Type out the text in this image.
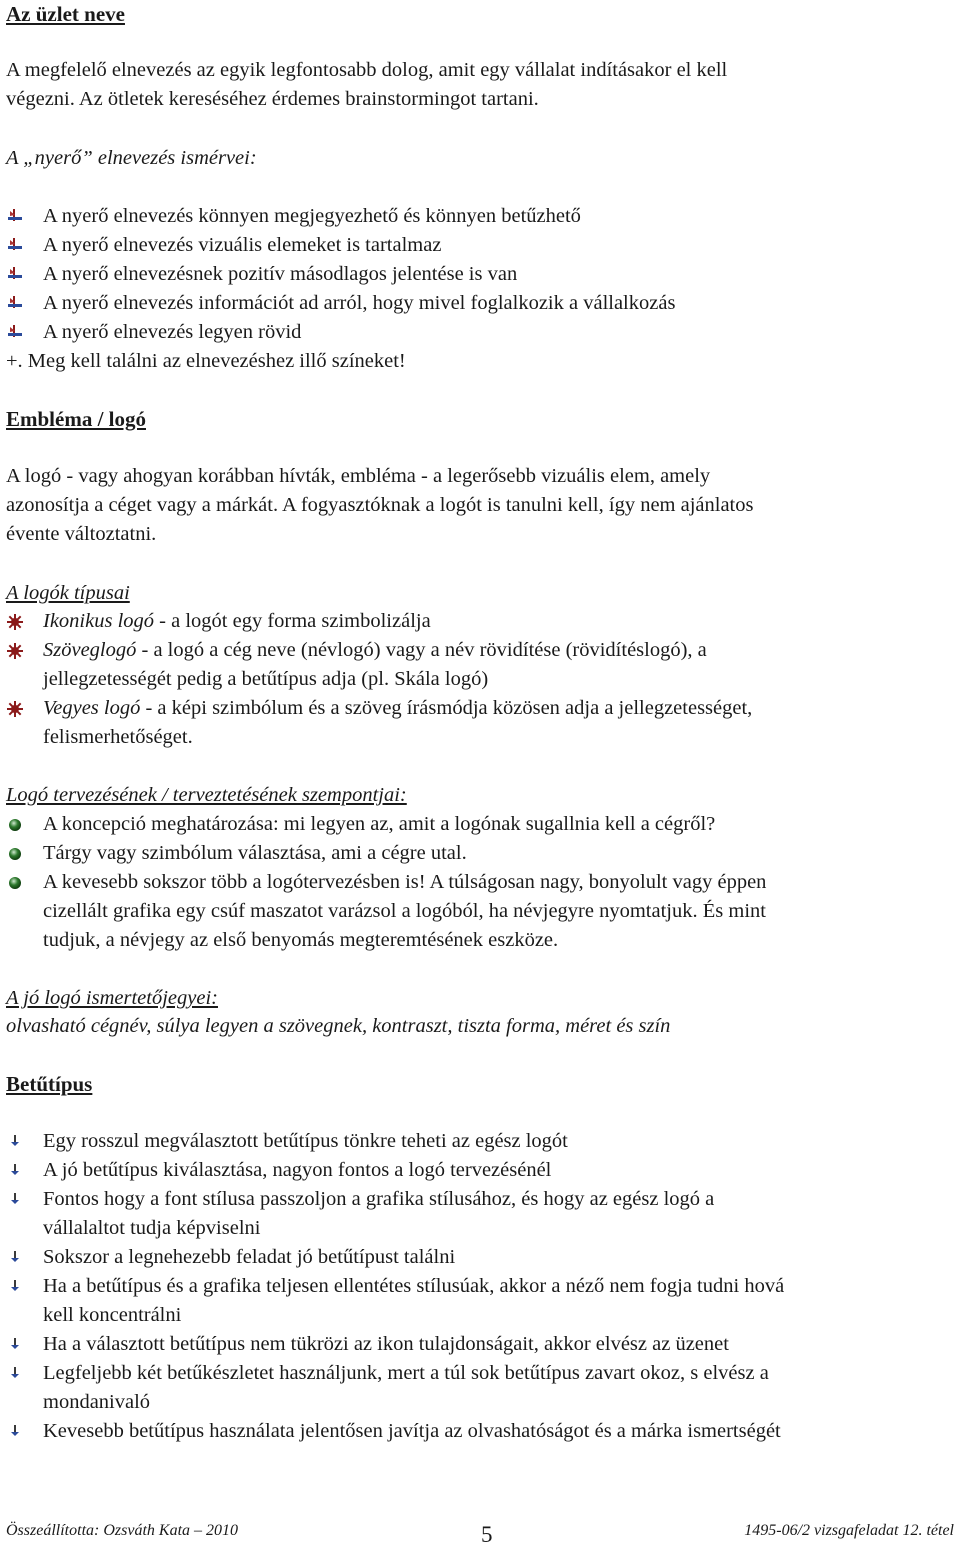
Az üzlet neve
A megfelelő elnevezés az egyik legfontosabb dolog, amit egy vállalat indításakor el kell
végezni. Az ötletek kereséséhez érdemes brainstormingot tartani.
A „nyerő” elnevezés ismérvei:
A nyerő elnevezés könnyen megjegyezhető és könnyen betűzhető
A nyerő elnevezés vizuális elemeket is tartalmaz
A nyerő elnevezésnek pozitív másodlagos jelentése is van
A nyerő elnevezés információt ad arról, hogy mivel foglalkozik a vállalkozás
A nyerő elnevezés legyen rövid
+. Meg kell találni az elnevezéshez illő színeket!
Embléma / logó
A logó - vagy ahogyan korábban hívták, embléma - a legerősebb vizuális elem, amely
azonosítja a céget vagy a márkát. A fogyasztóknak a logót is tanulni kell, így nem ajánlatos
évente változtatni.
A logók típusai
Ikonikus logó - a logót egy forma szimbolizálja
Szöveglogó - a logó a cég neve (névlogó) vagy a név rövidítése (rövidítéslogó), a
jellegzetességét pedig a betűtípus adja (pl. Skála logó)
Vegyes logó - a képi szimbólum és a szöveg írásmódja közösen adja a jellegzetességet,
felismerhetőséget.
Logó tervezésének / terveztetésének szempontjai:
A koncepció meghatározása: mi legyen az, amit a logónak sugallnia kell a cégről?
Tárgy vagy szimbólum választása, ami a cégre utal.
A kevesebb sokszor több a logótervezésben is! A túlságosan nagy, bonyolult vagy éppen
cizellált grafika egy csúf maszatot varázsol a logóból, ha névjegyre nyomtatjuk. És mint
tudjuk, a névjegy az első benyomás megteremtésének eszköze.
A jó logó ismertetőjegyei:
olvasható cégnév, súlya legyen a szövegnek, kontraszt, tiszta forma, méret és szín
Betűtípus
Egy rosszul megválasztott betűtípus tönkre teheti az egész logót
A jó betűtípus kiválasztása, nagyon fontos a logó tervezésénél
Fontos hogy a font stílusa passzoljon a grafika stílusához, és hogy az egész logó a
vállalaltot tudja képviselni
Sokszor a legnehezebb feladat jó betűtípust találni
Ha a betűtípus és a grafika teljesen ellentétes stílusúak, akkor a néző nem fogja tudni hová
kell koncentrálni
Ha a választott betűtípus nem tükrözi az ikon tulajdonságait, akkor elvész az üzenet
Legfeljebb két betűkészletet használjunk, mert a túl sok betűtípus zavart okoz, s elvész a
mondanivaló
Kevesebb betűtípus használata jelentősen javítja az olvashatóságot és a márka ismertségét
Összeállította: Ozsváth Kata – 2010	5	1495-06/2 vizsgafeladat 12. tétel
